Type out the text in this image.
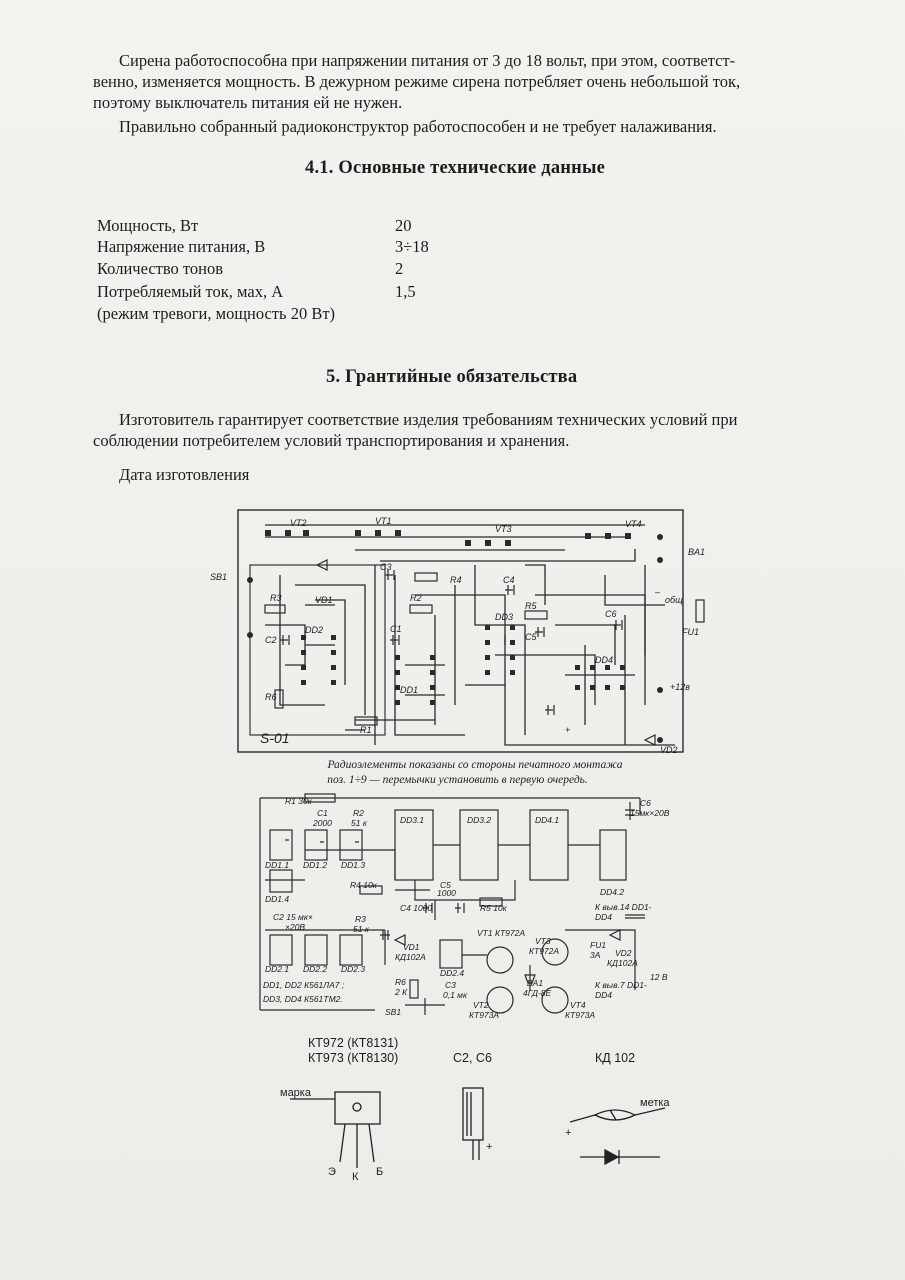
Сирена работоспособна при напряжении питания от 3 до 18 вольт, при этом, соответст-
венно, изменяется мощность. В дежурном режиме сирена потребляет очень небольшой ток,
поэтому выключатель питания ей не нужен.
Правильно собранный радиоконструктор работоспособен и не требует налаживания.
4.1. Основные технические данные
Мощность, Вт	20
Напряжение питания, В	3÷18
Количество тонов	2
Потребляемый ток, мах, А	1,5
(режим тревоги, мощность 20 Вт)
5. Грантийные обязательства
Изготовитель гарантирует соответствие изделия требованиям технических условий при
соблюдении потребителем условий транспортирования и хранения.
Дата изготовления
VT2	VT1
VT3	VT4
SB1
BA1
VD1
VD2
R1
R2
R3
R4
R5
R6
C1
C2
C3
C4
C5
C6
DD1
DD2
DD3
DD4
FU1
+12в
общ
–
+
S-01
Радиоэлементы показаны со стороны печатного монтажа
поз. 1÷9 — перемычки установить в первую очередь.
R1 30к
C1
2000
R2
51 к
DD1.1 DD1.2 DD1.3
DD1.4
DD3.1	DD3.2	DD4.1
DD4.2
DD2.1 DD2.2 DD2.3	DD2.4
C6
15мк×20В
R4 10к	C5
1000
C4 1000	R5 10к	К выв.14 DD1-
DD4
C2 15 мк×
×20В
R3
51 к
VD1
КД102А
VT1 КТ972А
VT3
КТ972А
FU1
3А VD2
КД102А
12 В
R6
2 К
C3
0,1 мк
SB1
BA1
4ГД-8Е
VT2
КТ973А
VT4
КТ973А
К выв.7 DD1-
DD4
DD1, DD2 К561ЛА7 ;
DD3, DD4 К561ТМ2.
КТ972 (КТ8131)
КТ973 (КТ8130)	C2, C6	КД 102
марка
Э К Б
+
метка
+
